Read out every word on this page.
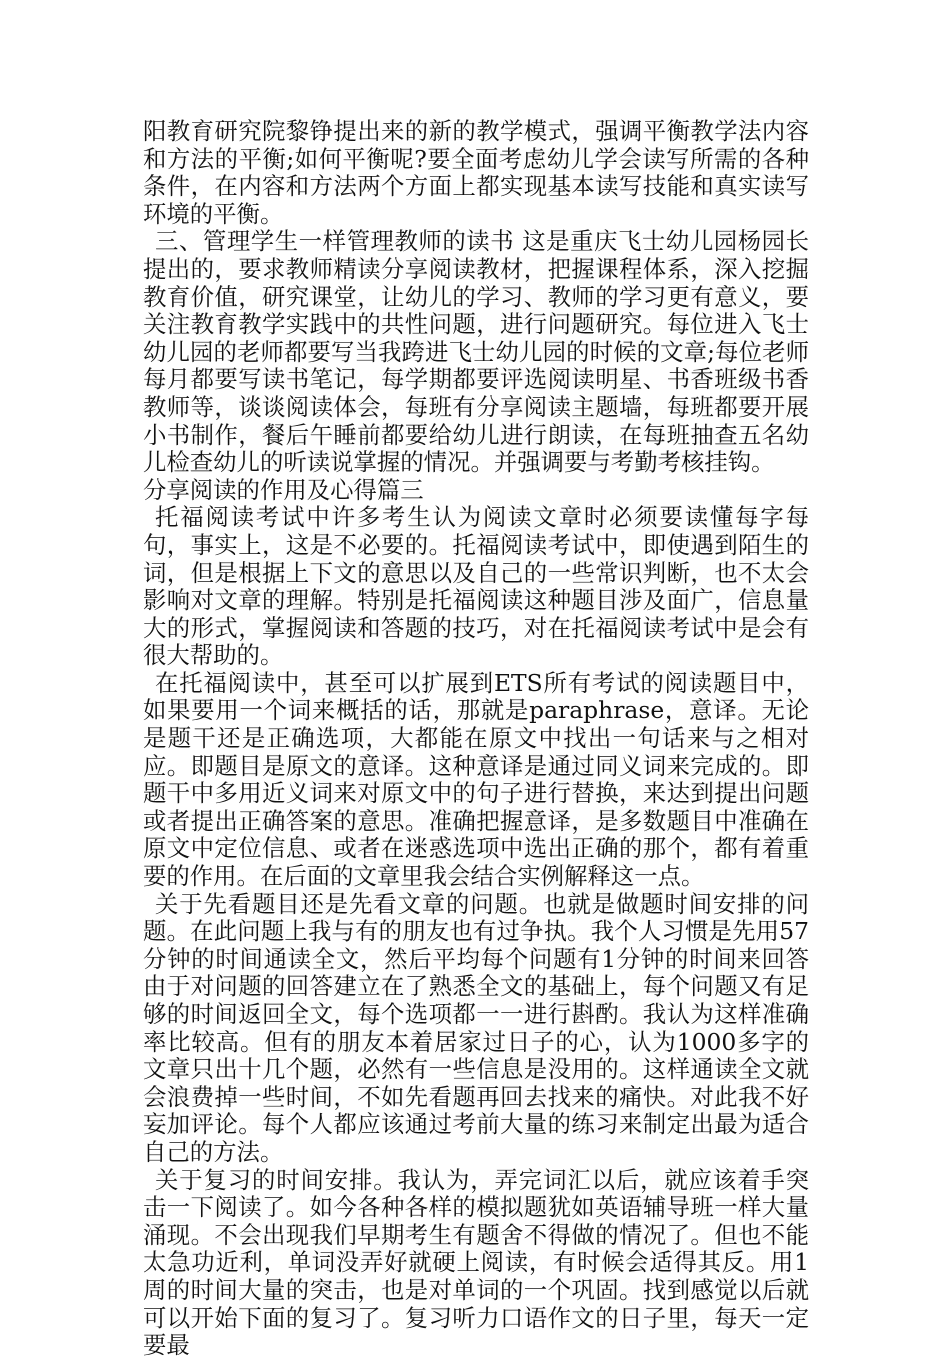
阳教育研究院黎铮提出来的新的教学模式，强调平衡教学法内容和方法的平衡;如何平衡呢?要全面考虑幼儿学会读写所需的各种条件，在内容和方法两个方面上都实现基本读写技能和真实读写环境的平衡。

三、管理学生一样管理教师的读书 这是重庆飞士幼儿园杨园长提出的，要求教师精读分享阅读教材，把握课程体系，深入挖掘教育价值，研究课堂，让幼儿的学习、教师的学习更有意义，要关注教育教学实践中的共性问题，进行问题研究。每位进入飞士幼儿园的老师都要写当我跨进飞士幼儿园的时候的文章;每位老师每月都要写读书笔记，每学期都要评选阅读明星、书香班级书香教师等，谈谈阅读体会，每班有分享阅读主题墙，每班都要开展小书制作，餐后午睡前都要给幼儿进行朗读，在每班抽查五名幼儿检查幼儿的听读说掌握的情况。并强调要与考勤考核挂钩。

分享阅读的作用及心得篇三

托福阅读考试中许多考生认为阅读文章时必须要读懂每字每句，事实上，这是不必要的。托福阅读考试中，即使遇到陌生的词，但是根据上下文的意思以及自己的一些常识判断，也不太会影响对文章的理解。特别是托福阅读这种题目涉及面广，信息量大的形式，掌握阅读和答题的技巧，对在托福阅读考试中是会有很大帮助的。

在托福阅读中，甚至可以扩展到ETS所有考试的阅读题目中，如果要用一个词来概括的话，那就是paraphrase，意译。无论是题干还是正确选项，大都能在原文中找出一句话来与之相对应。即题目是原文的意译。这种意译是通过同义词来完成的。即题干中多用近义词来对原文中的句子进行替换，来达到提出问题或者提出正确答案的意思。准确把握意译，是多数题目中准确在原文中定位信息、或者在迷惑选项中选出正确的那个，都有着重要的作用。在后面的文章里我会结合实例解释这一点。

关于先看题目还是先看文章的问题。也就是做题时间安排的问题。在此问题上我与有的朋友也有过争执。我个人习惯是先用57分钟的时间通读全文，然后平均每个问题有1分钟的时间来回答由于对问题的回答建立在了熟悉全文的基础上，每个问题又有足够的时间返回全文，每个选项都一一进行斟酌。我认为这样准确率比较高。但有的朋友本着居家过日子的心，认为1000多字的文章只出十几个题，必然有一些信息是没用的。这样通读全文就会浪费掉一些时间，不如先看题再回去找来的痛快。对此我不好妄加评论。每个人都应该通过考前大量的练习来制定出最为适合自己的方法。

关于复习的时间安排。我认为，弄完词汇以后，就应该着手突击一下阅读了。如今各种各样的模拟题犹如英语辅导班一样大量涌现。不会出现我们早期考生有题舍不得做的情况了。但也不能太急功近利，单词没弄好就硬上阅读，有时候会适得其反。用1周的时间大量的突击，也是对单词的一个巩固。找到感觉以后就可以开始下面的复习了。复习听力口语作文的日子里，每天一定要最
